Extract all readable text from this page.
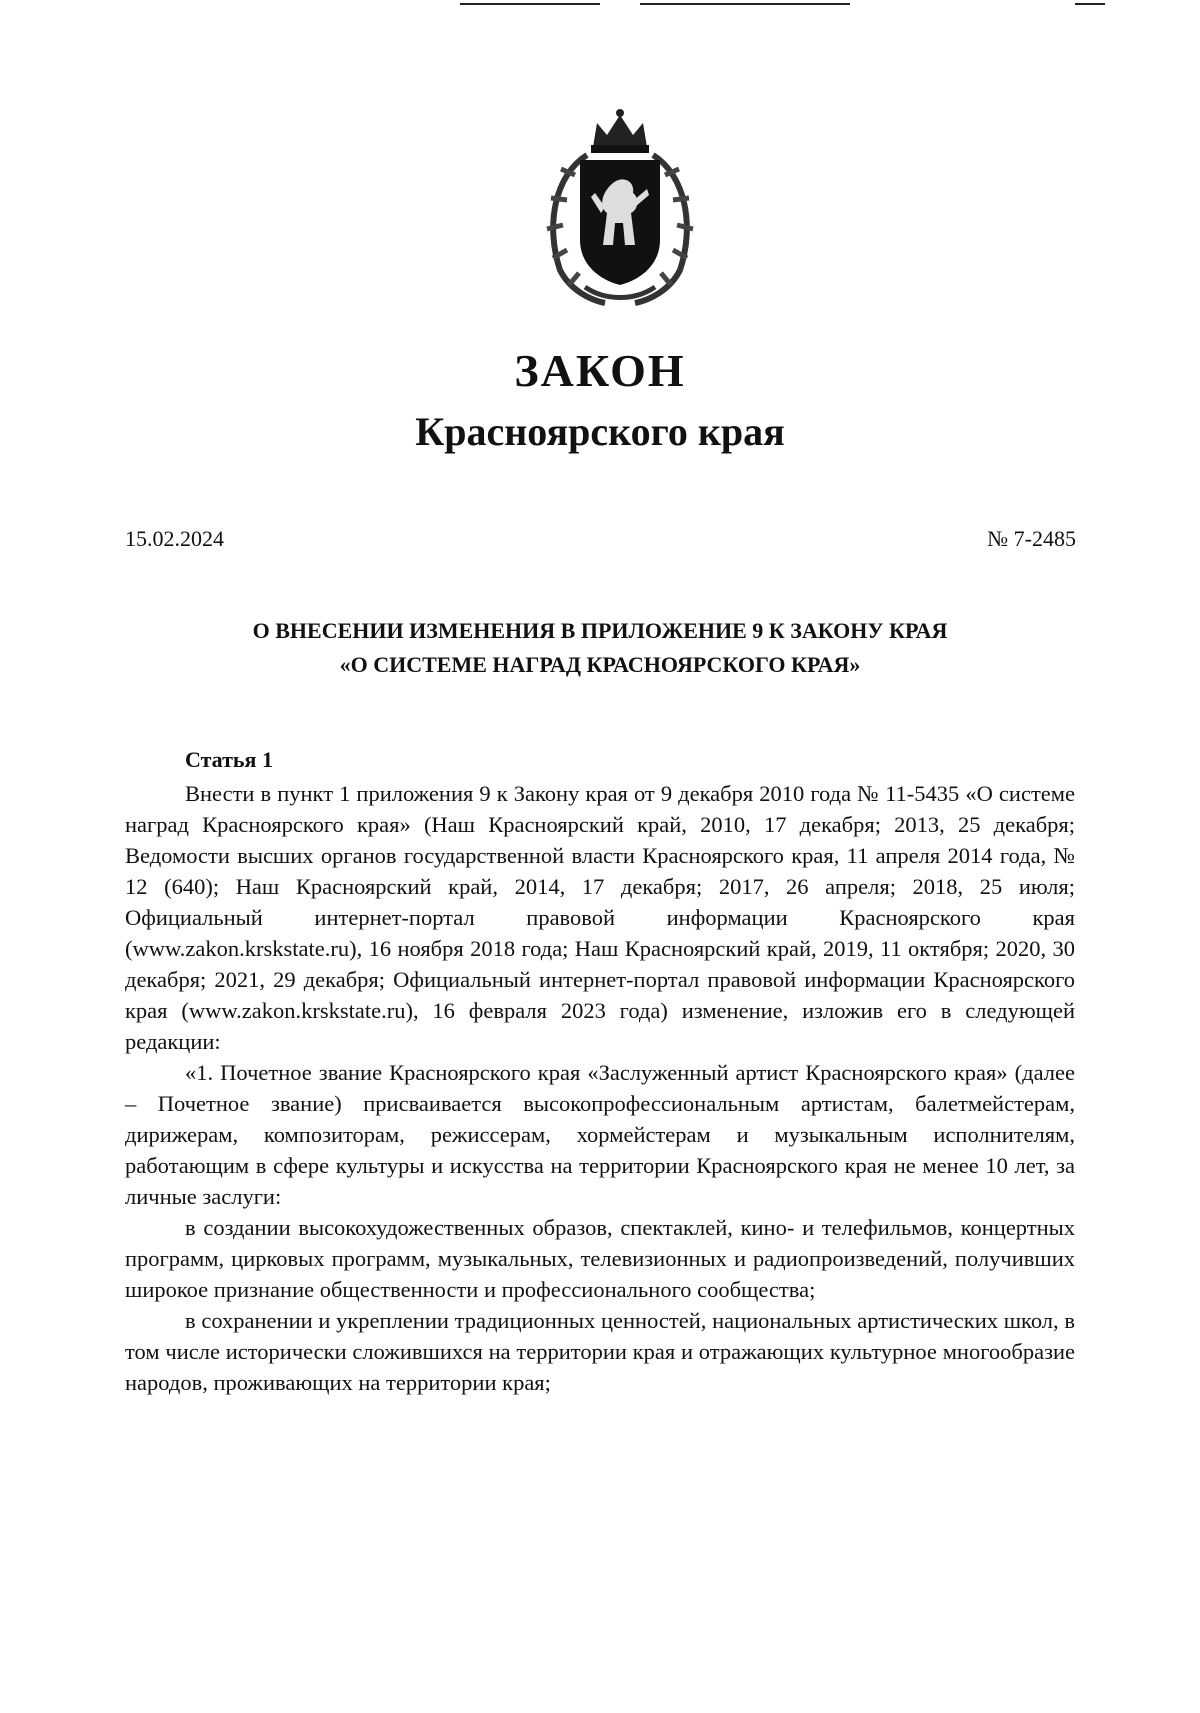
ЗАКОН
Красноярского края
15.02.2024	№ 7-2485
О ВНЕСЕНИИ ИЗМЕНЕНИЯ В ПРИЛОЖЕНИЕ 9 К ЗАКОНУ КРАЯ
«О СИСТЕМЕ НАГРАД КРАСНОЯРСКОГО КРАЯ»
Статья 1

Внести в пункт 1 приложения 9 к Закону края от 9 декабря 2010 года № 11-5435 «О системе наград Красноярского края» (Наш Красноярский край, 2010, 17 декабря; 2013, 25 декабря; Ведомости высших органов государственной власти Красноярского края, 11 апреля 2014 года, № 12 (640); Наш Красноярский край, 2014, 17 декабря; 2017, 26 апреля; 2018, 25 июля; Официальный интернет-портал правовой информации Красноярского края (www.zakon.krskstate.ru), 16 ноября 2018 года; Наш Красноярский край, 2019, 11 октября; 2020, 30 декабря; 2021, 29 декабря; Официальный интернет-портал правовой информации Красноярского края (www.zakon.krskstate.ru), 16 февраля 2023 года) изменение, изложив его в следующей редакции:

«1. Почетное звание Красноярского края «Заслуженный артист Красноярского края» (далее – Почетное звание) присваивается высокопрофессиональным артистам, балетмейстерам, дирижерам, композиторам, режиссерам, хормейстерам и музыкальным исполнителям, работающим в сфере культуры и искусства на территории Красноярского края не менее 10 лет, за личные заслуги:

в создании высокохудожественных образов, спектаклей, кино- и телефильмов, концертных программ, цирковых программ, музыкальных, телевизионных и радиопроизведений, получивших широкое признание общественности и профессионального сообщества;

в сохранении и укреплении традиционных ценностей, национальных артистических школ, в том числе исторически сложившихся на территории края и отражающих культурное многообразие народов, проживающих на территории края;
